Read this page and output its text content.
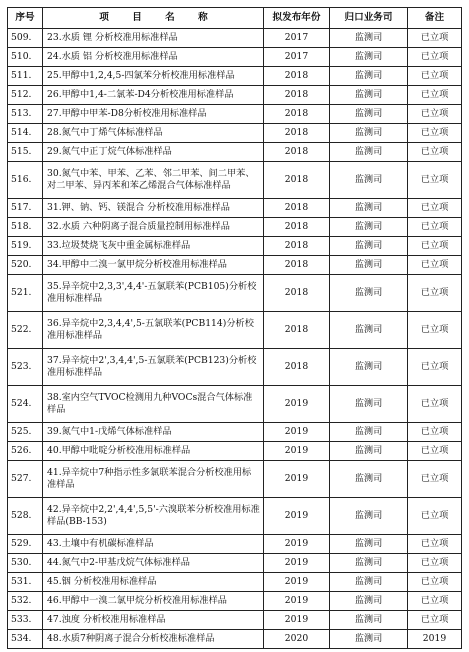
序号	项 目 名 称	拟发布年份	归口业务司	备注
509.	23.水质 锂 分析校准用标准样品	2017	监测司	已立项
510.	24.水质 铝 分析校准用标准样品	2017	监测司	已立项
511.	25.甲醇中1,2,4,5-四氯苯分析校准用标准样品	2018	监测司	已立项
512.	26.甲醇中1,4-二氯苯-D4分析校准用标准样品	2018	监测司	已立项
513.	27.甲醇中甲苯-D8分析校准用标准样品	2018	监测司	已立项
514.	28.氮气中丁烯气体标准样品	2018	监测司	已立项
515.	29.氮气中正丁烷气体标准样品	2018	监测司	已立项
516.	30.氮气中苯、甲苯、乙苯、邻二甲苯、间二甲苯、对二甲苯、异丙苯和苯乙烯混合气体标准样品	2018	监测司	已立项
517.	31.钾、钠、钙、镁混合 分析校准用标准样品	2018	监测司	已立项
518.	32.水质 六种阴离子混合质量控制用标准样品	2018	监测司	已立项
519.	33.垃圾焚烧飞灰中重金属标准样品	2018	监测司	已立项
520.	34.甲醇中二溴一氯甲烷分析校准用标准样品	2018	监测司	已立项
521.	35.异辛烷中2,3,3',4,4'-五氯联苯(PCB105)分析校准用标准样品	2018	监测司	已立项
522.	36.异辛烷中2,3,4,4',5-五氯联苯(PCB114)分析校准用标准样品	2018	监测司	已立项
523.	37.异辛烷中2',3,4,4',5-五氯联苯(PCB123)分析校准用标准样品	2018	监测司	已立项
524.	38.室内空气TVOC检测用九种VOCs混合气体标准样品	2019	监测司	已立项
525.	39.氮气中1-戊烯气体标准样品	2019	监测司	已立项
526.	40.甲醇中吡啶分析校准用标准样品	2019	监测司	已立项
527.	41.异辛烷中7种指示性多氯联苯混合分析校准用标准样品	2019	监测司	已立项
528.	42.异辛烷中2,2',4,4',5,5'-六溴联苯分析校准用标准样品(BB-153)	2019	监测司	已立项
529.	43.土壤中有机碳标准样品	2019	监测司	已立项
530.	44.氮气中2-甲基戊烷气体标准样品	2019	监测司	已立项
531.	45.铟 分析校准用标准样品	2019	监测司	已立项
532.	46.甲醇中一溴二氯甲烷分析校准用标准样品	2019	监测司	已立项
533.	47.浊度 分析校准用标准样品	2019	监测司	已立项
534.	48.水质7种阴离子混合分析校准标准样品	2020	监测司	2019
